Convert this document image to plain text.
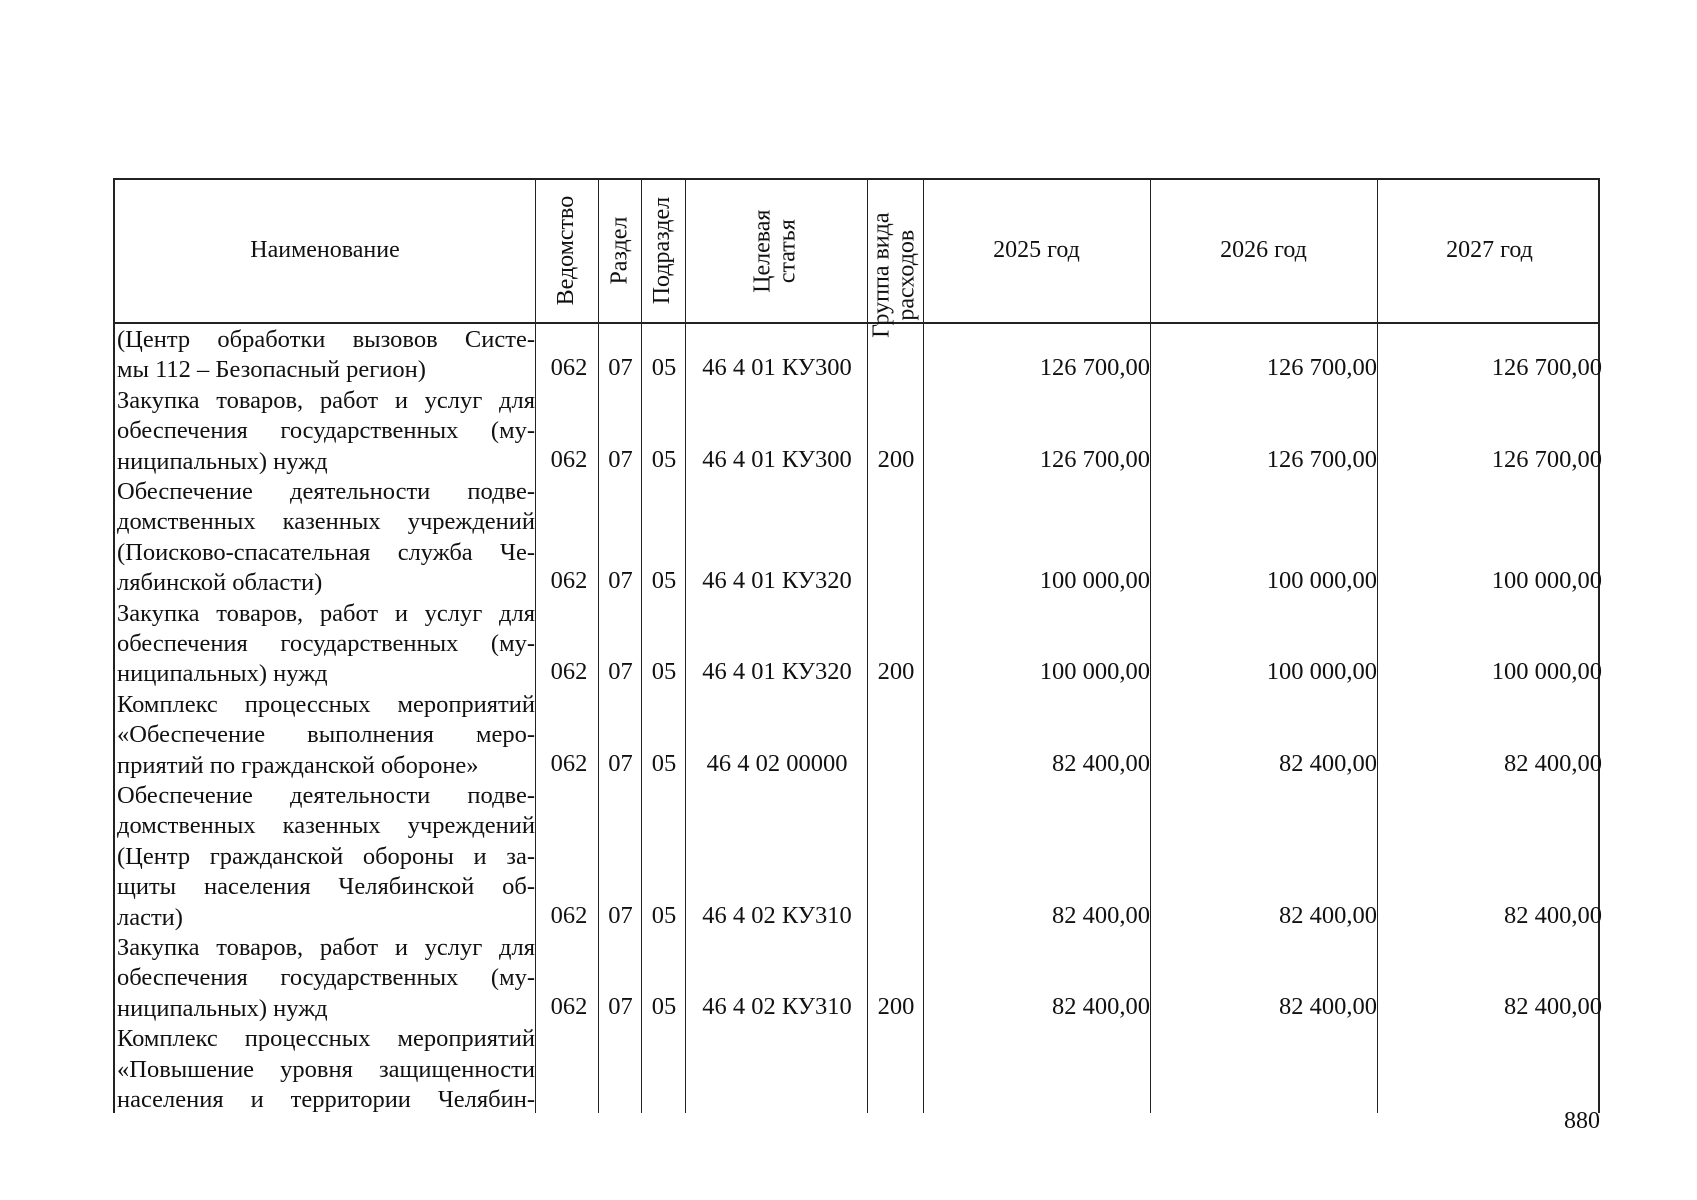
Наименование	Ведомство Раздел Подраздел	Целевая статья	Группа вида расходов	2025 год	2026 год	2027 год
(Центр обработки вызовов Систе-
мы 112 – Безопасный регион)	062 07 05	46 4 01 КУ300	126 700,00	126 700,00	126 700,00
Закупка товаров, работ и услуг для
обеспечения государственных (му-
ниципальных) нужд	062 07 05	46 4 01 КУ300	200	126 700,00	126 700,00	126 700,00
Обеспечение деятельности подве-
домственных казенных учреждений
(Поисково-спасательная служба Че-
лябинской области)	062 07 05	46 4 01 КУ320	100 000,00	100 000,00	100 000,00
Закупка товаров, работ и услуг для
обеспечения государственных (му-
ниципальных) нужд	062 07 05	46 4 01 КУ320	200	100 000,00	100 000,00	100 000,00
Комплекс процессных мероприятий
«Обеспечение выполнения меро-
приятий по гражданской обороне»	062 07 05	46 4 02 00000	82 400,00	82 400,00	82 400,00
Обеспечение деятельности подве-
домственных казенных учреждений
(Центр гражданской обороны и за-
щиты населения Челябинской об-
ласти)	062 07 05	46 4 02 КУ310	82 400,00	82 400,00	82 400,00
Закупка товаров, работ и услуг для
обеспечения государственных (му-
ниципальных) нужд	062 07 05	46 4 02 КУ310	200	82 400,00	82 400,00	82 400,00
Комплекс процессных мероприятий
«Повышение уровня защищенности
населения и территории Челябин-
880
